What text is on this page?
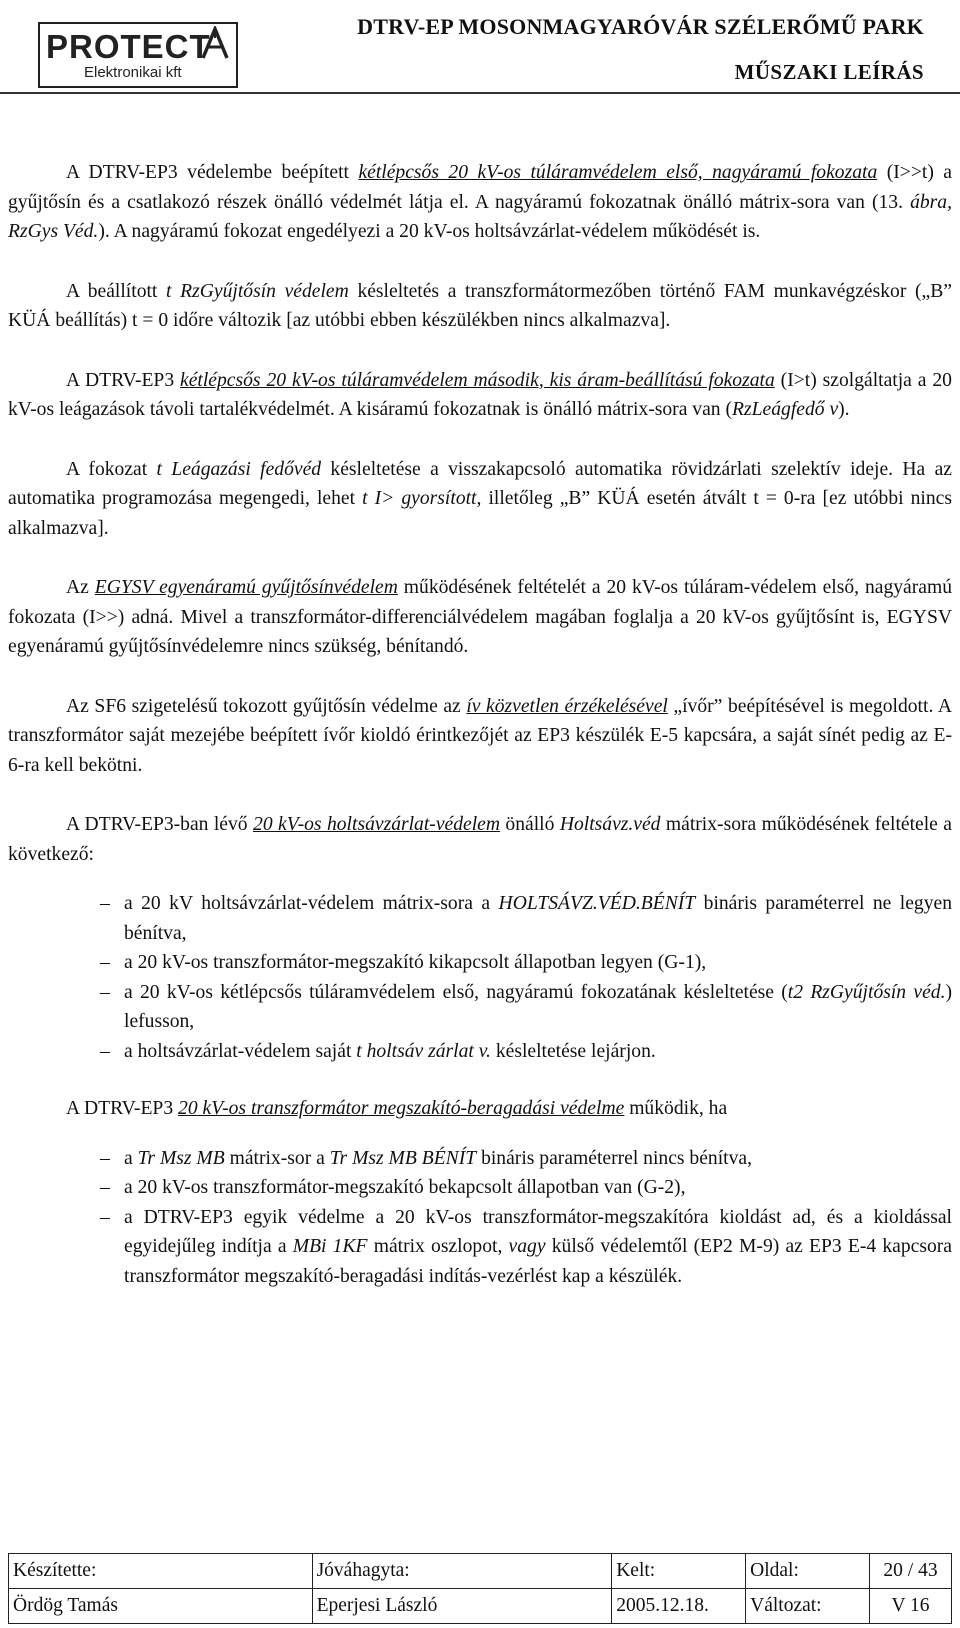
PROTECT
Elektronikai kft
DTRV-EP MOSONMAGYARÓVÁR SZÉLERŐMŰ PARK
MŰSZAKI LEÍRÁS

A DTRV-EP3 védelembe beépített kétlépcsős 20 kV-os túláramvédelem első, nagyáramú fokozata (I>>t) a gyűjtősín és a csatlakozó részek önálló védelmét látja el. A nagyáramú fokozatnak önálló mátrix-sora van (13. ábra, RzGys Véd.). A nagyáramú fokozat engedélyezi a 20 kV-os holtsávzárlat-védelem működését is.

A beállított t RzGyűjtősín védelem késleltetés a transzformátormezőben történő FAM munkavégzéskor („B” KÜÁ beállítás) t = 0 időre változik [az utóbbi ebben készülékben nincs alkalmazva].

A DTRV-EP3 kétlépcsős 20 kV-os túláramvédelem második, kis áram-beállítású fokozata (I>t) szolgáltatja a 20 kV-os leágazások távoli tartalékvédelmét. A kisáramú fokozatnak is önálló mátrix-sora van (RzLeágfedő v).

A fokozat t Leágazási fedővéd késleltetése a visszakapcsoló automatika rövidzárlati szelektív ideje. Ha az automatika programozása megengedi, lehet t I> gyorsított, illetőleg „B” KÜÁ esetén átvált t = 0-ra [ez utóbbi nincs alkalmazva].

Az EGYSV egyenáramú gyűjtősínvédelem működésének feltételét a 20 kV-os túláram-védelem első, nagyáramú fokozata (I>>) adná. Mivel a transzformátor-differenciálvédelem magában foglalja a 20 kV-os gyűjtősínt is, EGYSV egyenáramú gyűjtősínvédelemre nincs szükség, bénítandó.

Az SF6 szigetelésű tokozott gyűjtősín védelme az ív közvetlen érzékelésével „ívőr” beépítésével is megoldott. A transzformátor saját mezejébe beépített ívőr kioldó érintkezőjét az EP3 készülék E-5 kapcsára, a saját sínét pedig az E-6-ra kell bekötni.

A DTRV-EP3-ban lévő 20 kV-os holtsávzárlat-védelem önálló Holtsávz.véd mátrix-sora működésének feltétele a következő:

– a 20 kV holtsávzárlat-védelem mátrix-sora a HOLTSÁVZ.VÉD.BÉNÍT bináris paraméterrel ne legyen bénítva,
– a 20 kV-os transzformátor-megszakító kikapcsolt állapotban legyen (G-1),
– a 20 kV-os kétlépcsős túláramvédelem első, nagyáramú fokozatának késleltetése (t2 RzGyűjtősín véd.) lefusson,
– a holtsávzárlat-védelem saját t holtsáv zárlat v. késleltetése lejárjon.

A DTRV-EP3 20 kV-os transzformátor megszakító-beragadási védelme működik, ha

– a Tr Msz MB mátrix-sor a Tr Msz MB BÉNÍT bináris paraméterrel nincs bénítva,
– a 20 kV-os transzformátor-megszakító bekapcsolt állapotban van (G-2),
– a DTRV-EP3 egyik védelme a 20 kV-os transzformátor-megszakítóra kioldást ad, és a kioldással egyidejűleg indítja a MBi 1KF mátrix oszlopot, vagy külső védelemtől (EP2 M-9) az EP3 E-4 kapcsora transzformátor megszakító-beragadási indítás-vezérlést kap a készülék.
Készítette:	Jóváhagyta:	Kelt:	Oldal:	20 / 43
Ördög Tamás	Eperjesi László	2005.12.18.	Változat:	V 16
